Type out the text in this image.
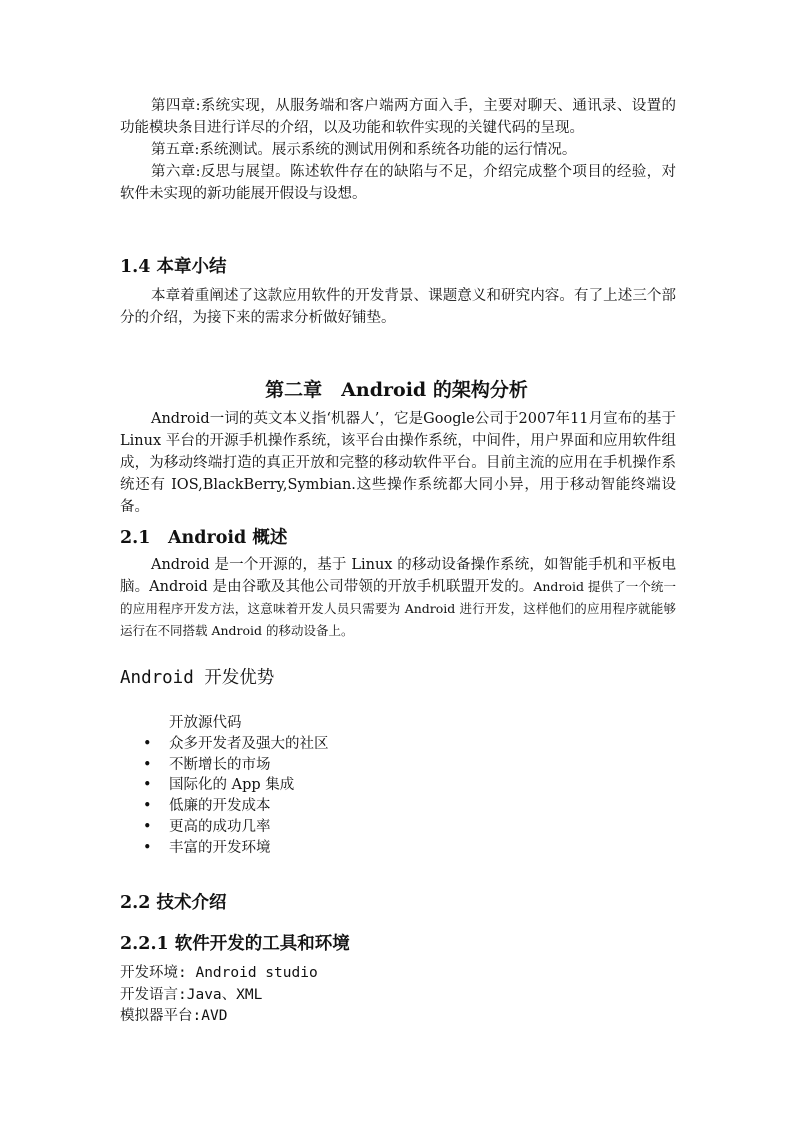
第四章:系统实现，从服务端和客户端两方面入手，主要对聊天、通讯录、设置的功能模块条目进行详尽的介绍，以及功能和软件实现的关键代码的呈现。

第五章:系统测试。展示系统的测试用例和系统各功能的运行情况。

第六章:反思与展望。陈述软件存在的缺陷与不足，介绍完成整个项目的经验，对软件未实现的新功能展开假设与设想。

1.4 本章小结

本章着重阐述了这款应用软件的开发背景、课题意义和研究内容。有了上述三个部分的介绍，为接下来的需求分析做好铺垫。

第二章　Android 的架构分析

Android一词的英文本义指‘机器人’，它是Google公司于2007年11月宣布的基于Linux 平台的开源手机操作系统，该平台由操作系统，中间件，用户界面和应用软件组成，为移动终端打造的真正开放和完整的移动软件平台。目前主流的应用在手机操作系统还有 IOS,BlackBerry,Symbian.这些操作系统都大同小异，用于移动智能终端设备。

2.1　Android 概述

Android 是一个开源的，基于 Linux 的移动设备操作系统，如智能手机和平板电脑。Android 是由谷歌及其他公司带领的开放手机联盟开发的。Android 提供了一个统一的应用程序开发方法，这意味着开发人员只需要为 Android 进行开发，这样他们的应用程序就能够运行在不同搭载 Android 的移动设备上。

Android 开发优势
开放源代码
• 众多开发者及强大的社区
• 不断增长的市场
• 国际化的 App 集成
• 低廉的开发成本
• 更高的成功几率
• 丰富的开发环境
2.2 技术介绍
2.2.1 软件开发的工具和环境

开发环境: Android studio

开发语言:Java、XML

模拟器平台:AVD
